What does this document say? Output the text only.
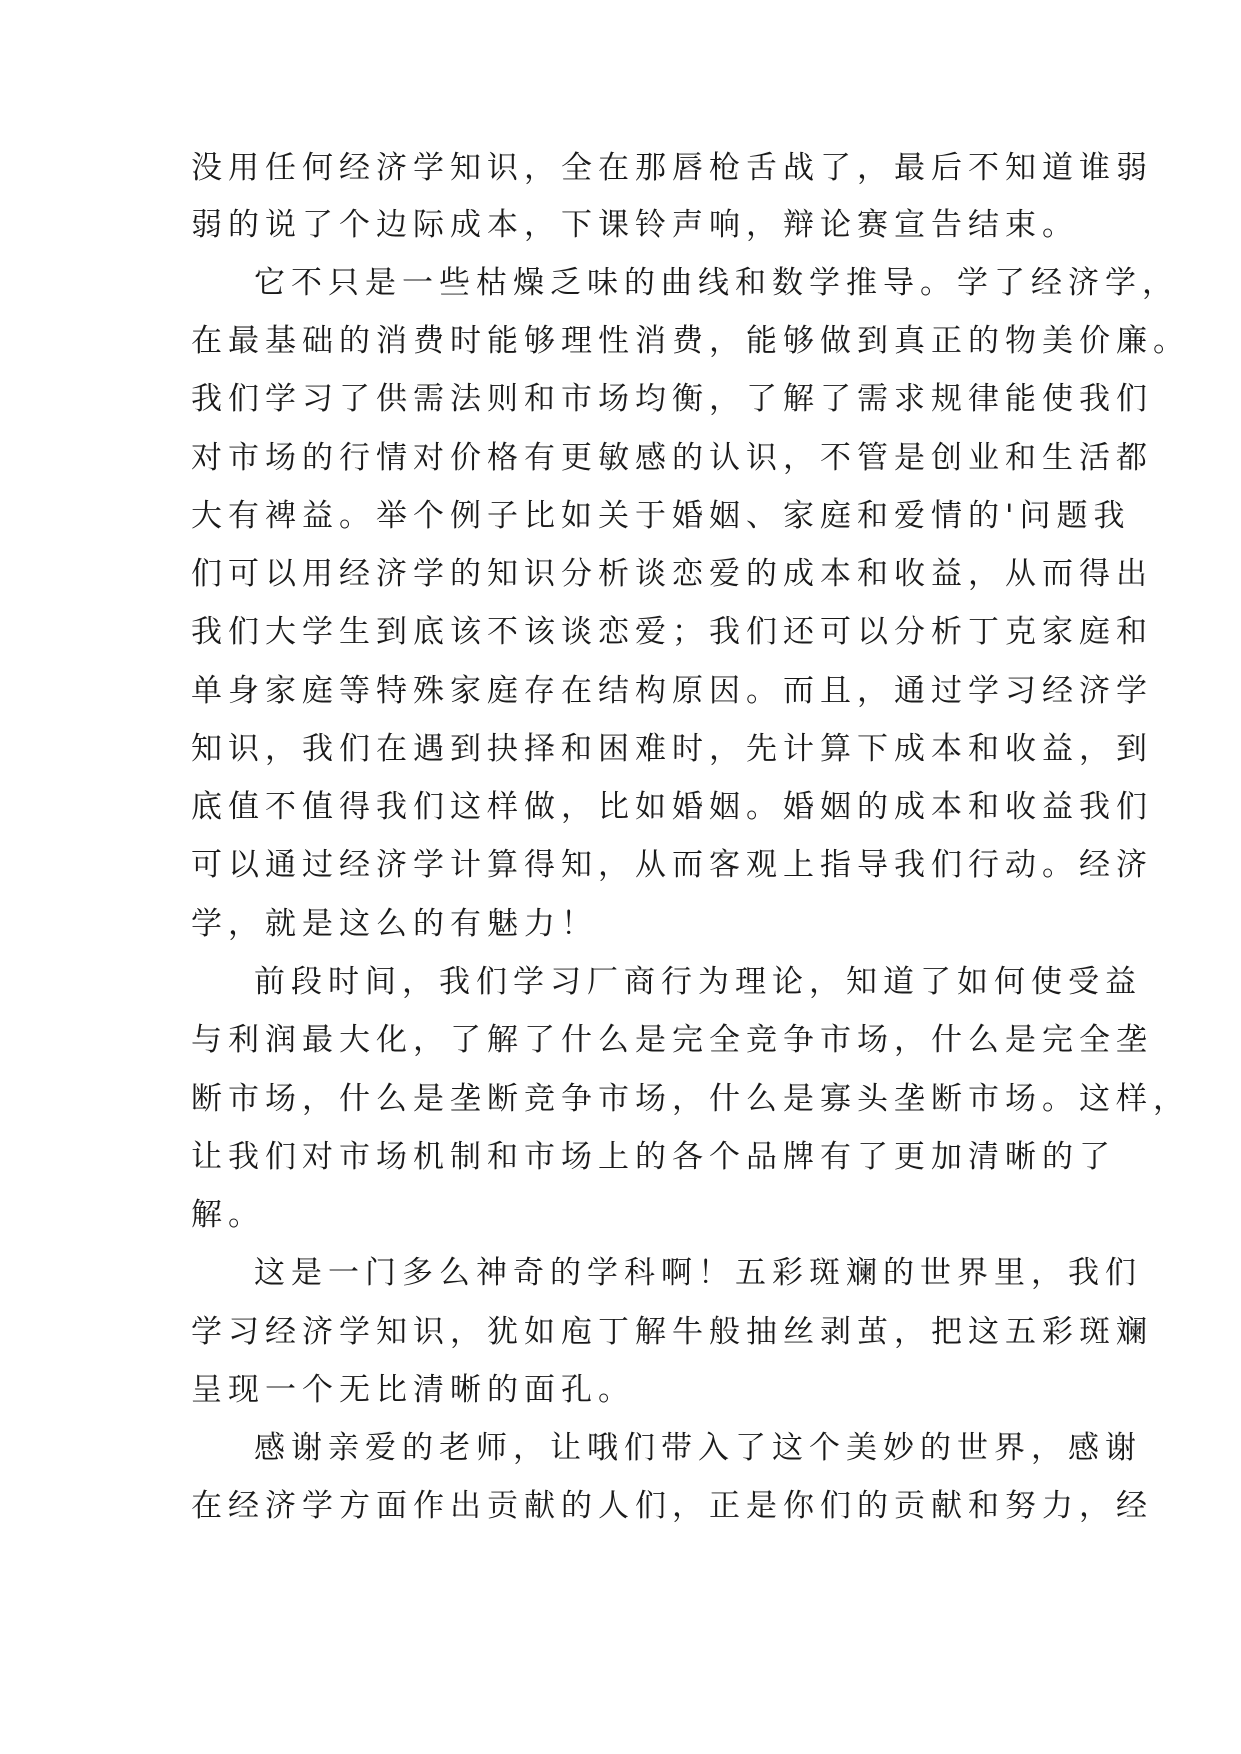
没用任何经济学知识，全在那唇枪舌战了，最后不知道谁弱
弱的说了个边际成本，下课铃声响，辩论赛宣告结束。
它不只是一些枯燥乏味的曲线和数学推导。学了经济学，
在最基础的消费时能够理性消费，能够做到真正的物美价廉。
我们学习了供需法则和市场均衡，了解了需求规律能使我们
对市场的行情对价格有更敏感的认识，不管是创业和生活都
大有裨益。举个例子比如关于婚姻、家庭和爱情的'问题我
们可以用经济学的知识分析谈恋爱的成本和收益，从而得出
我们大学生到底该不该谈恋爱；我们还可以分析丁克家庭和
单身家庭等特殊家庭存在结构原因。而且，通过学习经济学
知识，我们在遇到抉择和困难时，先计算下成本和收益，到
底值不值得我们这样做，比如婚姻。婚姻的成本和收益我们
可以通过经济学计算得知，从而客观上指导我们行动。经济
学，就是这么的有魅力！
前段时间，我们学习厂商行为理论，知道了如何使受益
与利润最大化，了解了什么是完全竞争市场，什么是完全垄
断市场，什么是垄断竞争市场，什么是寡头垄断市场。这样，
让我们对市场机制和市场上的各个品牌有了更加清晰的了
解。
这是一门多么神奇的学科啊！五彩斑斓的世界里，我们
学习经济学知识，犹如庖丁解牛般抽丝剥茧，把这五彩斑斓
呈现一个无比清晰的面孔。
感谢亲爱的老师，让哦们带入了这个美妙的世界，感谢
在经济学方面作出贡献的人们，正是你们的贡献和努力，经
